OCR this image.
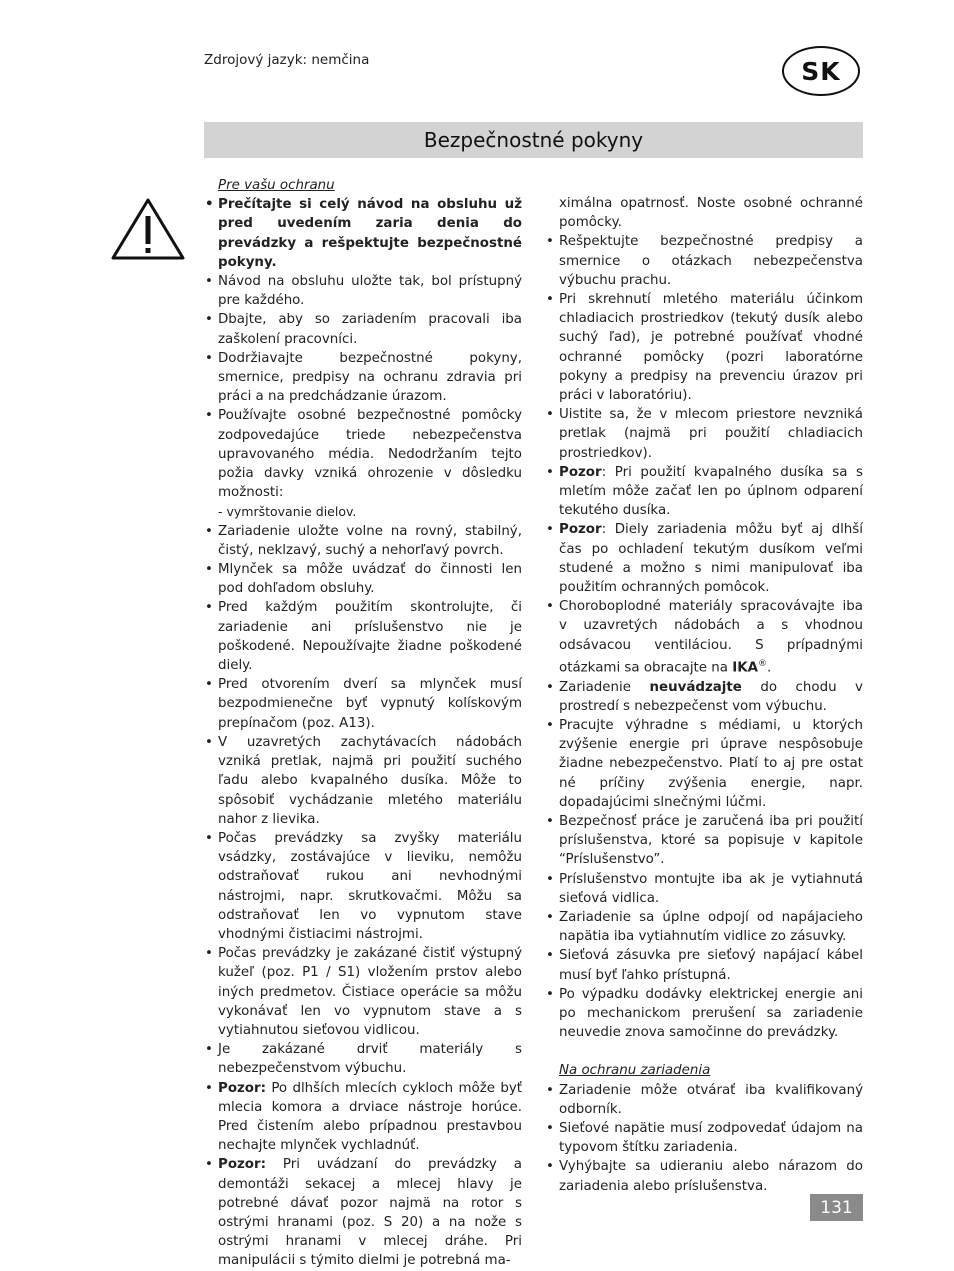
Zdrojový jazyk: nemčina	SK
Bezpečnostné pokyny

Pre vašu ochranu

• Prečítajte si celý návod na obsluhu už pred uvedením zaria denia do prevádzky a rešpektujte bezpečnostné pokyny.

• Návod na obsluhu uložte tak, bol prístupný pre každého.

• Dbajte, aby so zariadením pracovali iba zaškolení pracovníci.

• Dodržiavajte bezpečnostné pokyny, smernice, predpisy na ochranu zdravia pri práci a na predchádzanie úrazom.

• Používajte osobné bezpečnostné pomôcky zodpovedajúce triede nebezpečenstva upravovaného média. Nedodržaním tejto požia davky vzniká ohrozenie v dôsledku možnosti:

- vymrštovanie dielov.

• Zariadenie uložte volne na rovný, stabilný, čistý, neklzavý, suchý a nehorľavý povrch.

• Mlynček sa môže uvádzať do činnosti len pod dohľadom obsluhy.

• Pred každým použitím skontrolujte, či zariadenie ani príslušenstvo nie je poškodené. Nepoužívajte žiadne poškodené diely.

• Pred otvorením dverí sa mlynček musí bezpodmienečne byť vypnutý kolískovým prepínačom (poz. A13).

• V uzavretých zachytávacích nádobách vzniká pretlak, najmä pri použití suchého ľadu alebo kvapalného dusíka. Môže to spôsobiť vychádzanie mletého materiálu nahor z lievika.

• Počas prevádzky sa zvyšky materiálu vsádzky, zostávajúce v lieviku, nemôžu odstraňovať rukou ani nevhodnými nástrojmi, napr. skrutkovačmi. Môžu sa odstraňovať len vo vypnutom stave vhodnými čistiacimi nástrojmi.

• Počas prevádzky je zakázané čistiť výstupný kužeľ (poz. P1 / S1) vložením prstov alebo iných predmetov. Čistiace operácie sa môžu vykonávať len vo vypnutom stave a s vytiahnutou sieťovou vidlicou.

• Je zakázané drviť materiály s nebezpečenstvom výbuchu.

• Pozor: Po dlhších mlecích cykloch môže byť mlecia komora a drviace nástroje horúce. Pred čistením alebo prípadnou prestavbou nechajte mlynček vychladnúť.

• Pozor: Pri uvádzaní do prevádzky a demontáži sekacej a mlecej hlavy je potrebné dávať pozor najmä na rotor s ostrými hranami (poz. S 20) a na nože s ostrými hranami v mlecej dráhe. Pri manipulácii s týmito dielmi je potrebná ma-

ximálna opatrnosť. Noste osobné ochranné pomôcky.

• Rešpektujte bezpečnostné predpisy a smernice o otázkach nebezpečenstva výbuchu prachu.

• Pri skrehnutí mletého materiálu účinkom chladiacich prostriedkov (tekutý dusík alebo suchý ľad), je potrebné používať vhodné ochranné pomôcky (pozri laboratórne pokyny a predpisy na prevenciu úrazov pri práci v laboratóriu).

• Uistite sa, že v mlecom priestore nevzniká pretlak (najmä pri použití chladiacich prostriedkov).

• Pozor: Pri použití kvapalného dusíka sa s mletím môže začať len po úplnom odparení tekutého dusíka.

• Pozor: Diely zariadenia môžu byť aj dlhší čas po ochladení tekutým dusíkom veľmi studené a možno s nimi manipulovať iba použitím ochranných pomôcok.

• Choroboplodné materiály spracovávajte iba v uzavretých nádobách a s vhodnou odsávacou ventiláciou. S prípadnými otázkami sa obracajte na IKA®.

• Zariadenie neuvádzajte do chodu v prostredí s nebezpečenst vom výbuchu.

• Pracujte výhradne s médiami, u ktorých zvýšenie energie pri úprave nespôsobuje žiadne nebezpečenstvo. Platí to aj pre ostat né príčiny zvýšenia energie, napr. dopadajúcimi slnečnými lúčmi.

• Bezpečnosť práce je zaručená iba pri použití príslušenstva, ktoré sa popisuje v kapitole “Príslušenstvo”.

• Príslušenstvo montujte iba ak je vytiahnutá sieťová vidlica.

• Zariadenie sa úplne odpojí od napájacieho napätia iba vytiahnutím vidlice zo zásuvky.

• Sieťová zásuvka pre sieťový napájací kábel musí byť ľahko prístupná.

• Po výpadku dodávky elektrickej energie ani po mechanickom prerušení sa zariadenie neuvedie znova samočinne do prevádzky.

Na ochranu zariadenia

• Zariadenie môže otvárať iba kvalifikovaný odborník.

• Sieťové napätie musí zodpovedať údajom na typovom štítku zariadenia.

• Vyhýbajte sa udieraniu alebo nárazom do zariadenia alebo príslušenstva.

131
